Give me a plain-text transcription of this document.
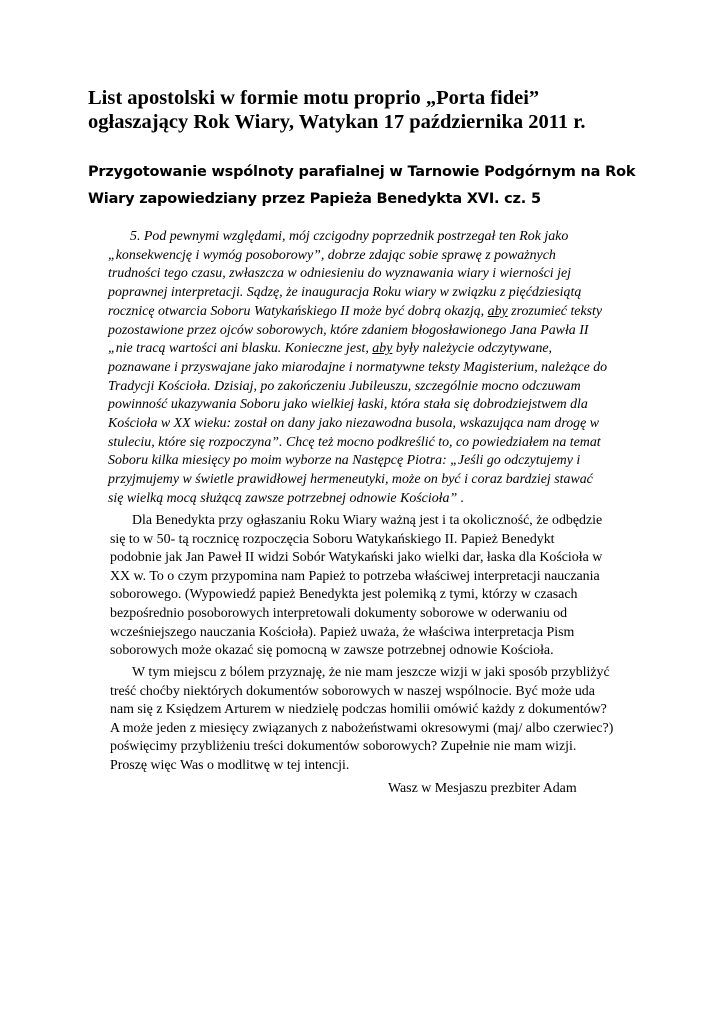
List apostolski w formie motu proprio „Porta fidei”
ogłaszający Rok Wiary, Watykan 17 października 2011 r.
Przygotowanie wspólnoty parafialnej w Tarnowie Podgórnym na Rok
Wiary zapowiedziany przez Papieża Benedykta XVI. cz. 5
5. Pod pewnymi względami, mój czcigodny poprzednik postrzegał ten Rok jako
„konsekwencję i wymóg posoborowy”, dobrze zdając sobie sprawę z poważnych
trudności tego czasu, zwłaszcza w odniesieniu do wyznawania wiary i wierności jej
poprawnej interpretacji. Sądzę, że inauguracja Roku wiary w związku z pięćdziesiątą
rocznicę otwarcia Soboru Watykańskiego II może być dobrą okazją, aby zrozumieć teksty
pozostawione przez ojców soborowych, które zdaniem błogosławionego Jana Pawła II
„nie tracą wartości ani blasku. Konieczne jest, aby były należycie odczytywane,
poznawane i przyswajane jako miarodajne i normatywne teksty Magisterium, należące do
Tradycji Kościoła. Dzisiaj, po zakończeniu Jubileuszu, szczególnie mocno odczuwam
powinność ukazywania Soboru jako wielkiej łaski, która stała się dobrodziejstwem dla
Kościoła w XX wieku: został on dany jako niezawodna busola, wskazująca nam drogę w
stuleciu, które się rozpoczyna”. Chcę też mocno podkreślić to, co powiedziałem na temat
Soboru kilka miesięcy po moim wyborze na Następcę Piotra: „Jeśli go odczytujemy i
przyjmujemy w świetle prawidłowej hermeneutyki, może on być i coraz bardziej stawać
się wielką mocą służącą zawsze potrzebnej odnowie Kościoła” .
Dla Benedykta przy ogłaszaniu Roku Wiary ważną jest i ta okoliczność, że odbędzie
się to w 50- tą rocznicę rozpoczęcia Soboru Watykańskiego II. Papież Benedykt
podobnie jak Jan Paweł II widzi Sobór Watykański jako wielki dar, łaska dla Kościoła w
XX w. To o czym przypomina nam Papież to potrzeba właściwej interpretacji nauczania
soborowego. (Wypowiedź papież Benedykta jest polemiką z tymi, którzy w czasach
bezpośrednio posoborowych interpretowali dokumenty soborowe w oderwaniu od
wcześniejszego nauczania Kościoła). Papież uważa, że właściwa interpretacja Pism
soborowych może okazać się pomocną w zawsze potrzebnej odnowie Kościoła.
W tym miejscu z bólem przyznaję, że nie mam jeszcze wizji w jaki sposób przybliżyć
treść choćby niektórych dokumentów soborowych w naszej wspólnocie. Być może uda
nam się z Księdzem Arturem w niedzielę podczas homilii omówić każdy z dokumentów?
A może jeden z miesięcy związanych z nabożeństwami okresowymi (maj/ albo czerwiec?)
poświęcimy przybliżeniu treści dokumentów soborowych? Zupełnie nie mam wizji.
Proszę więc Was o modlitwę w tej intencji.

Wasz w Mesjaszu prezbiter Adam
